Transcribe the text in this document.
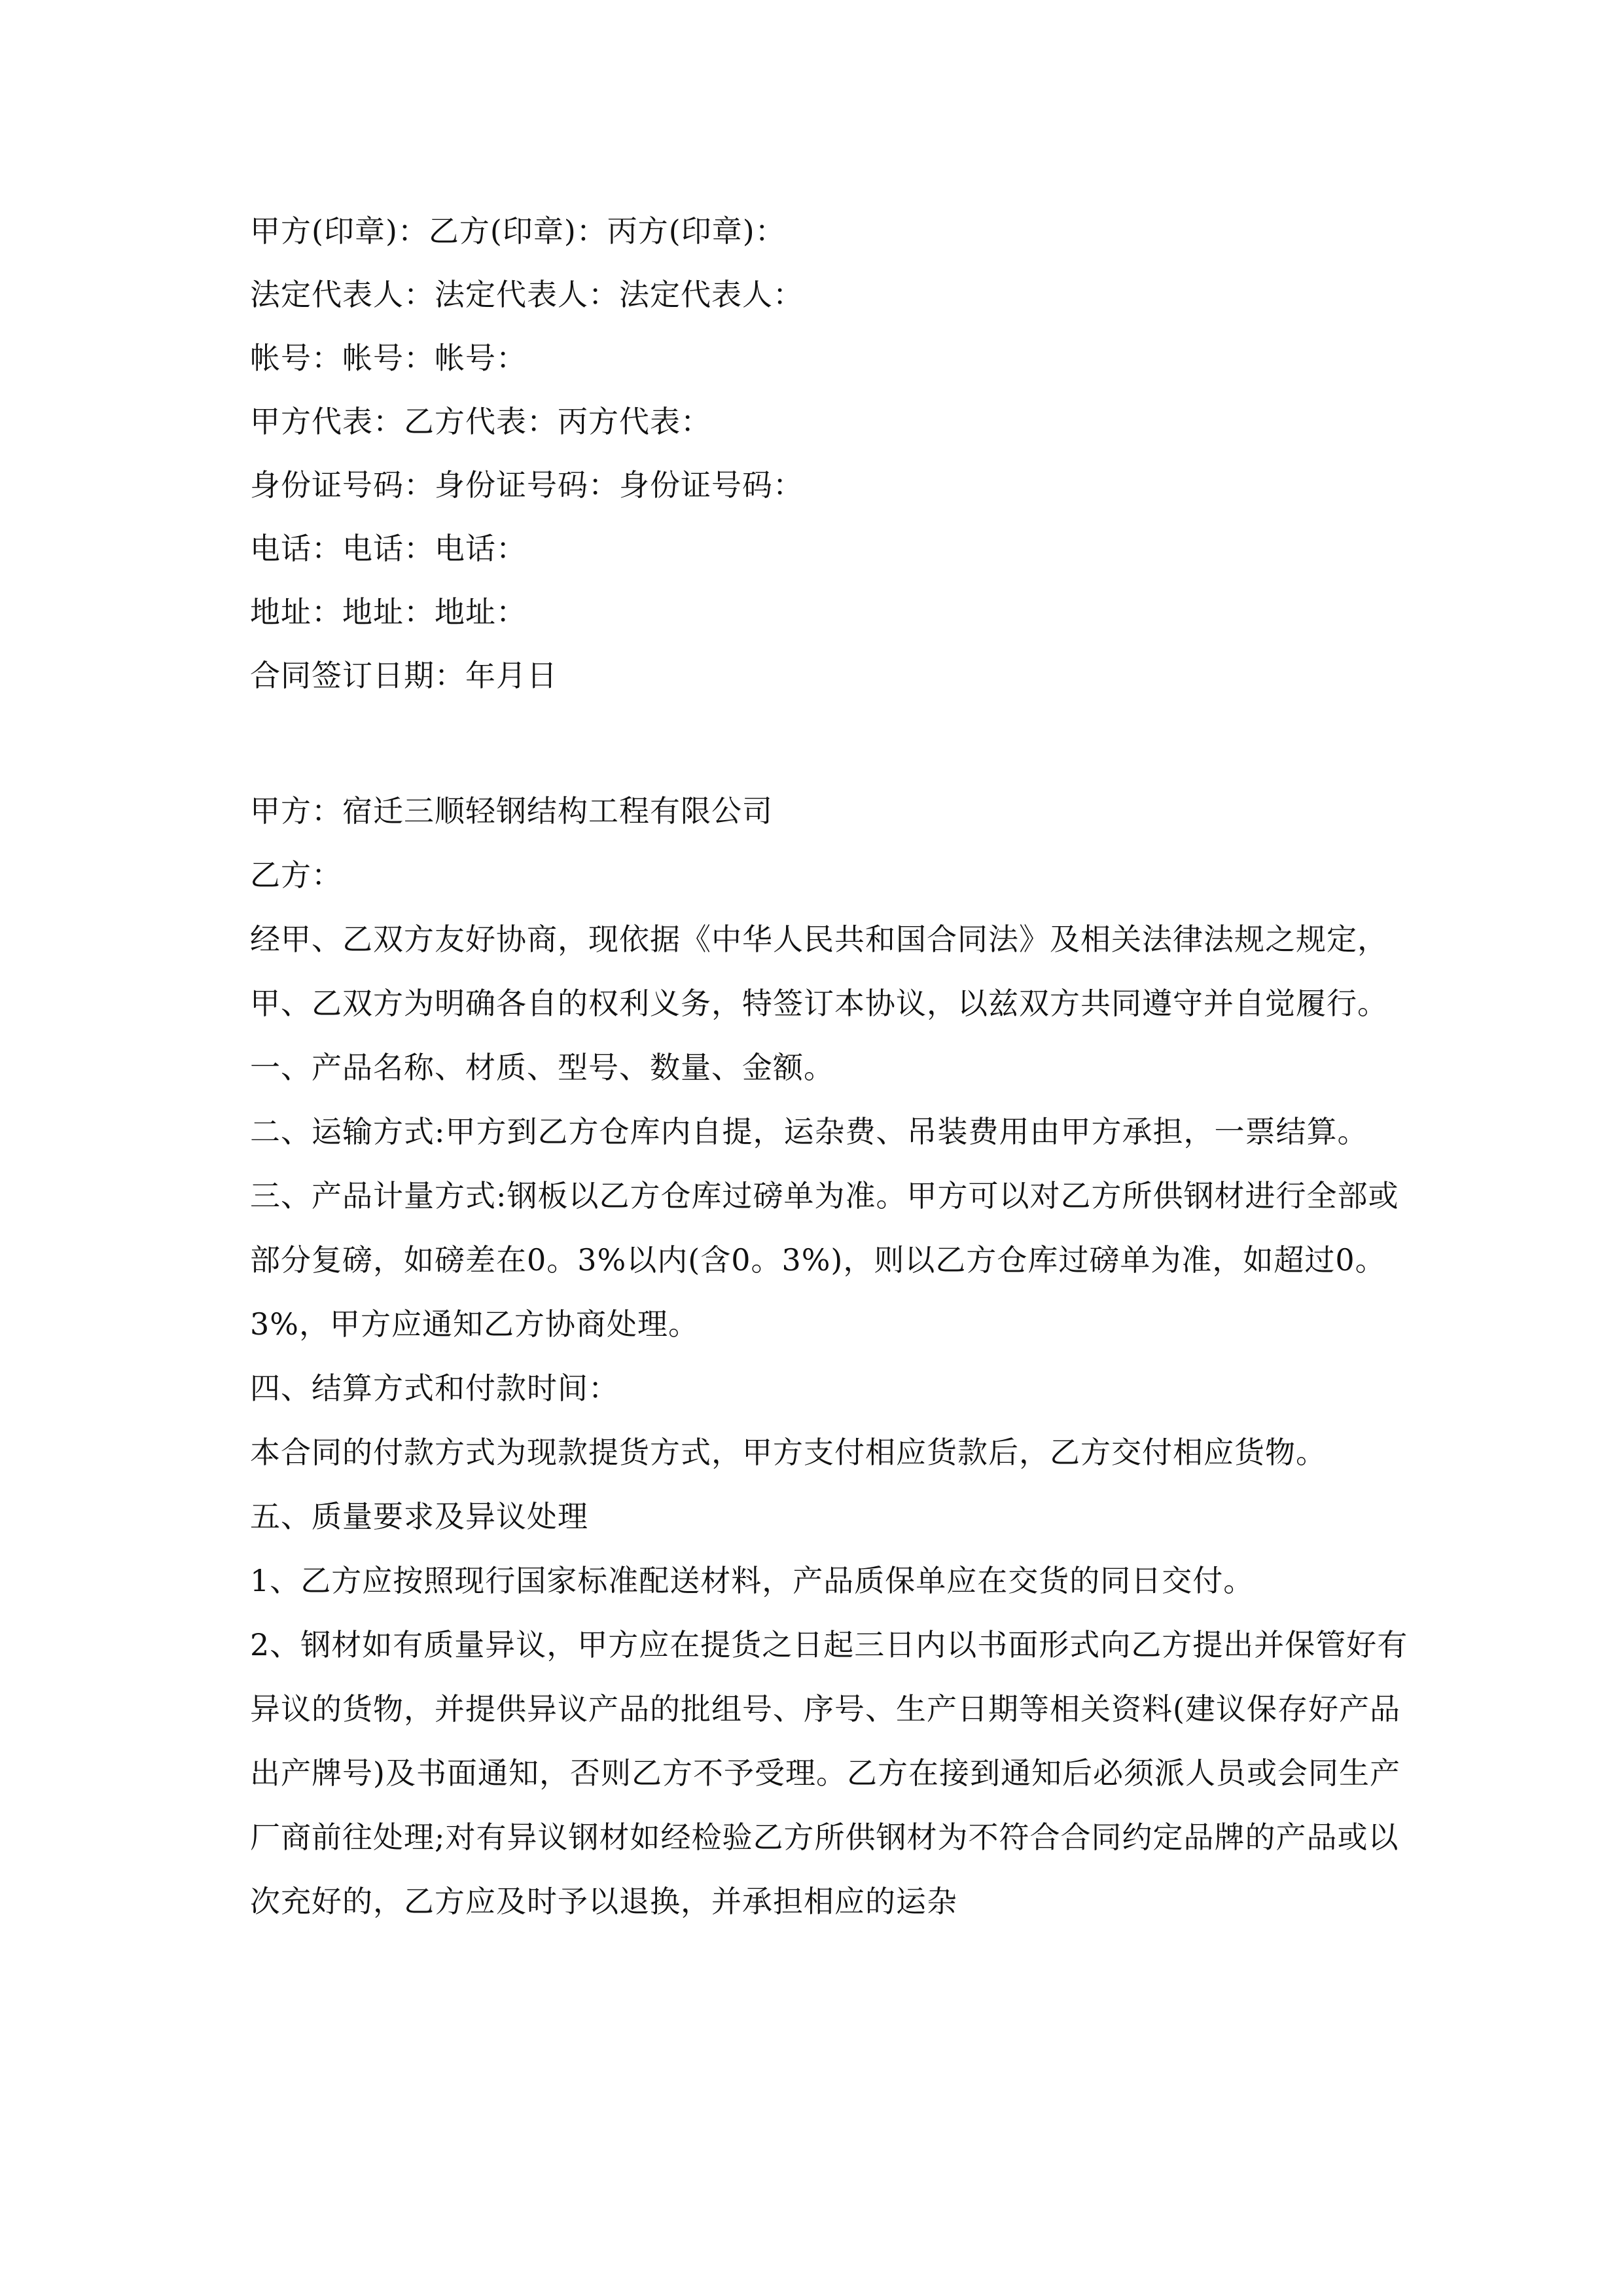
甲方(印章)：乙方(印章)：丙方(印章)：
法定代表人：法定代表人：法定代表人：
帐号：帐号：帐号：
甲方代表：乙方代表：丙方代表：
身份证号码：身份证号码：身份证号码：
电话：电话：电话：
地址：地址：地址：
合同签订日期：年月日

甲方：宿迁三顺轻钢结构工程有限公司

乙方：

经甲、乙双方友好协商，现依据《中华人民共和国合同法》及相关法律法规之规定，甲、乙双方为明确各自的权利义务，特签订本协议，以兹双方共同遵守并自觉履行。

一、产品名称、材质、型号、数量、金额。

二、运输方式:甲方到乙方仓库内自提，运杂费、吊装费用由甲方承担，一票结算。

三、产品计量方式:钢板以乙方仓库过磅单为准。甲方可以对乙方所供钢材进行全部或部分复磅，如磅差在0。3%以内(含0。3%)，则以乙方仓库过磅单为准，如超过0。3%，甲方应通知乙方协商处理。

四、结算方式和付款时间：

本合同的付款方式为现款提货方式，甲方支付相应货款后，乙方交付相应货物。

五、质量要求及异议处理

1、乙方应按照现行国家标准配送材料，产品质保单应在交货的同日交付。

2、钢材如有质量异议，甲方应在提货之日起三日内以书面形式向乙方提出并保管好有异议的货物，并提供异议产品的批组号、序号、生产日期等相关资料(建议保存好产品出产牌号)及书面通知，否则乙方不予受理。乙方在接到通知后必须派人员或会同生产厂商前往处理;对有异议钢材如经检验乙方所供钢材为不符合合同约定品牌的产品或以次充好的，乙方应及时予以退换，并承担相应的运杂
